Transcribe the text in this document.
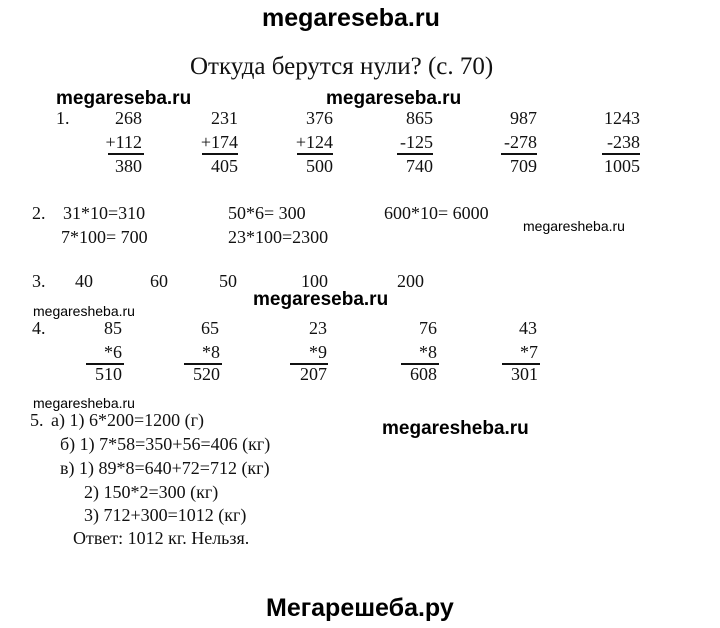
megareseba.ru
megareseba.ru	megareseba.ru
megaresheba.ru
megareseba.ru
megaresheba.ru
megaresheba.ru
megaresheba.ru
Мегарешеба.ру
Откуда берутся нули? (с. 70)
1.	268
+112
380
231
+174
405
376
+124
500
865
-125
740
987
-278
709
1243
-238
1005
2. 31*10=310	50*6= 300	600*10= 6000
7*100= 700	23*100=2300
3. 40	60	50	100	200
4.	85
*6
510
65
*8
520
23
*9
207
76
*8
608
43
*7
301
5. а) 1) 6*200=1200 (г)
б) 1) 7*58=350+56=406 (кг)
в) 1) 89*8=640+72=712 (кг)
2) 150*2=300 (кг)
3) 712+300=1012 (кг)
Ответ: 1012 кг. Нельзя.
